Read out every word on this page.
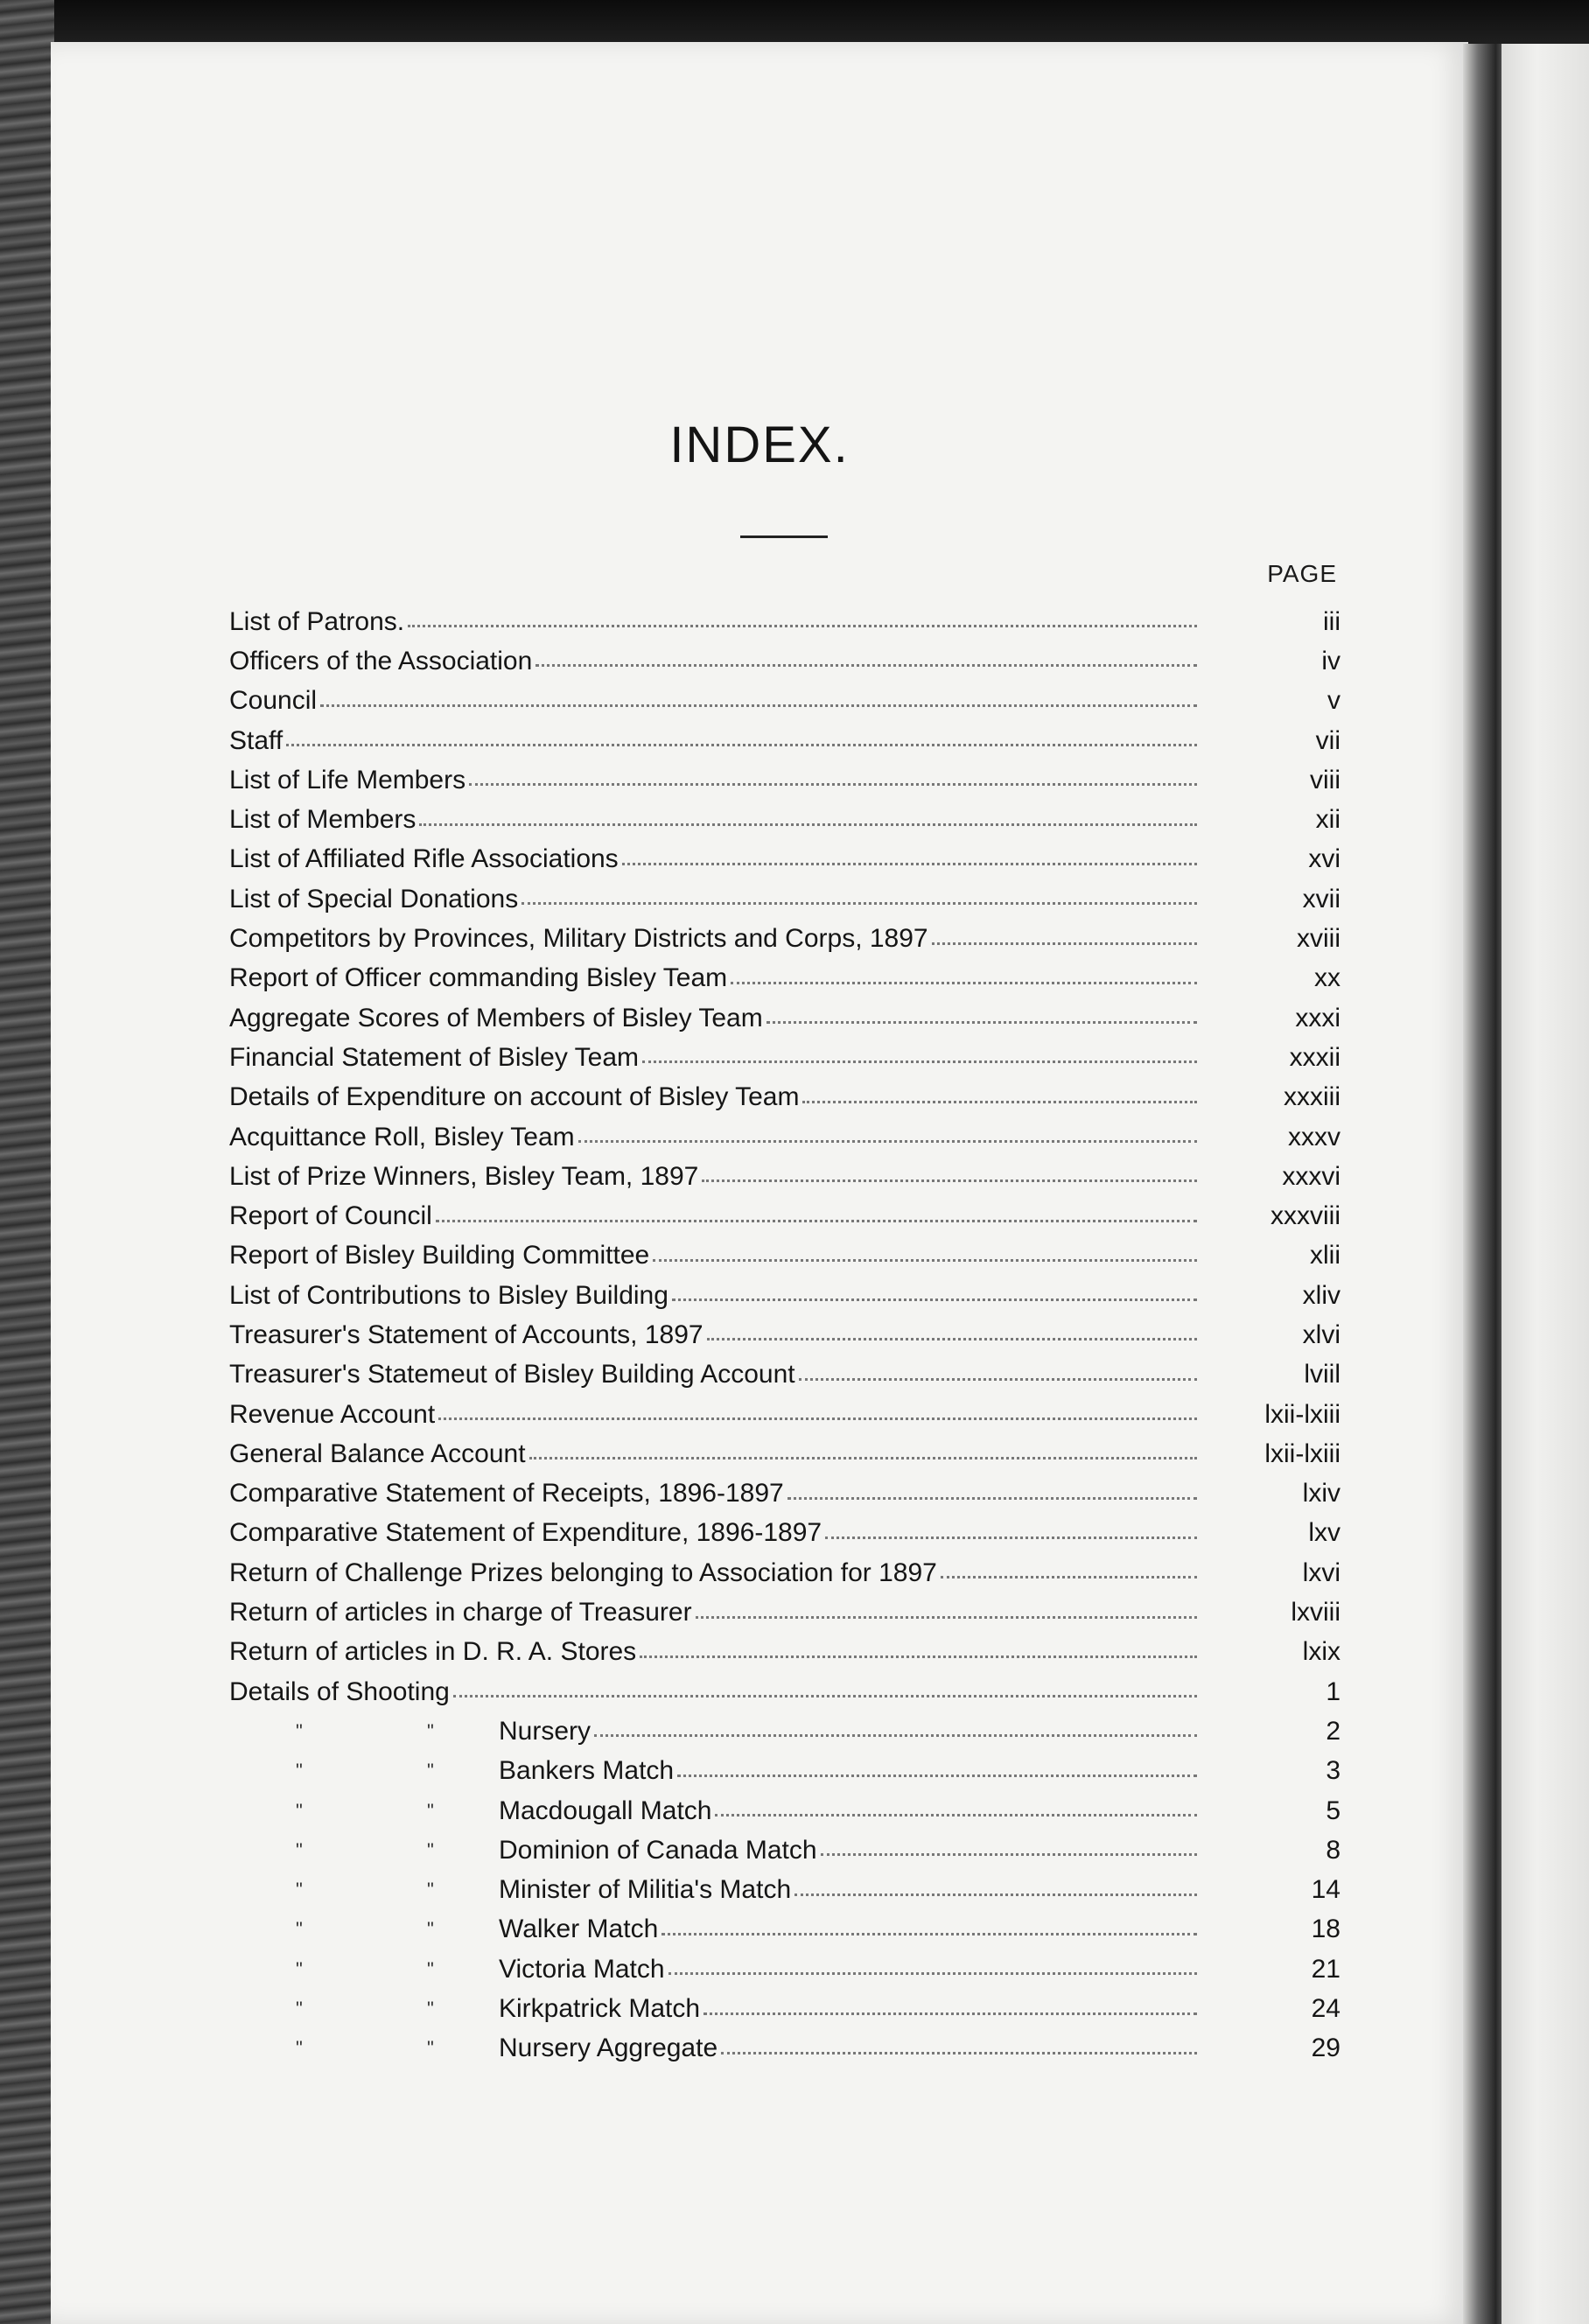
INDEX.
PAGE
List of Patrons.	iii
Officers of the Association	iv
Council	v
Staff	vii
List of Life Members	viii
List of Members	xii
List of Affiliated Rifle Associations	xvi
List of Special Donations	xvii
Competitors by Provinces, Military Districts and Corps, 1897	xviii
Report of Officer commanding Bisley Team	xx
Aggregate Scores of Members of Bisley Team	xxxi
Financial Statement of Bisley Team	xxxii
Details of Expenditure on account of Bisley Team	xxxiii
Acquittance Roll, Bisley Team	xxxv
List of Prize Winners, Bisley Team, 1897	xxxvi
Report of Council	xxxviii
Report of Bisley Building Committee	xlii
List of Contributions to Bisley Building	xliv
Treasurer's Statement of Accounts, 1897	xlvi
Treasurer's Statemeut of Bisley Building Account	lviil
Revenue Account	lxii-lxiii
General Balance Account	lxii-lxiii
Comparative Statement of Receipts, 1896-1897	lxiv
Comparative Statement of Expenditure, 1896-1897	lxv
Return of Challenge Prizes belonging to Association for 1897	lxvi
Return of articles in charge of Treasurer	lxviii
Return of articles in D. R. A. Stores	lxix
Details of Shooting	1
"	"	Nursery	2
"	"	Bankers Match	3
"	"	Macdougall Match	5
"	"	Dominion of Canada Match	8
"	"	Minister of Militia's Match	14
"	"	Walker Match	18
"	"	Victoria Match	21
"	"	Kirkpatrick Match	24
"	"	Nursery Aggregate	29
